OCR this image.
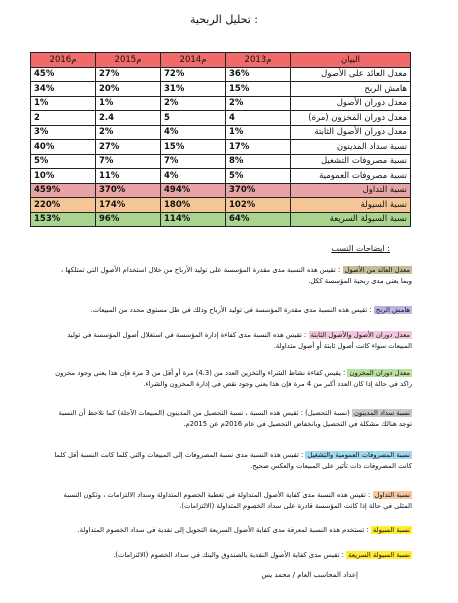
تحليل الربحية :
2016م	2015م	2014م	2013م	البيان
45%	27%	72%	36%	معدل العائد على الأصول
34%	20%	31%	15%	هامش الربح
1%	1%	2%	2%	معدل دوران الأصول
2	2.4	5	4	معدل دوران المخزون (مرة)
3%	2%	4%	1%	معدل دوران الأصول الثابتة
40%	27%	15%	17%	نسبة سداد المدينون
5%	7%	7%	8%	نسبة مصروفات التشغيل
10%	11%	4%	5%	نسبة مصروفات العمومية
459%	370%	494%	370%	نسبة التداول
220%	174%	180%	102%	نسبة السيولة
153%	96%	114%	64%	نسبة السيولة السريعة
ايضاحات النسب :
معدل العائد من الأصول : تقيس هذه النسبة مدى مقدرة المؤسسة على توليد الأرباح من خلال استخدام الأصول التي تمتلكها ، وبما يعني مدى ربحية المؤسسة ككل.
هامش الربح : تقيس هذه النسبة مدى مقدرة المؤسسة في توليد الأرباح وذلك في ظل مستوى محدد من المبيعات.
معدل دوران الأصول والأصول الثابتة : تقيس هذه النسبة مدى كفاءة إدارة المؤسسة في استغلال أصول المؤسسة في توليد المبيعات سواء كانت أصول ثابتة أو أصول متداولة.
معدل دوران المخزون : يقيس كفاءة نشاط الشراء والتخزين العدد من (4،3) مرة أو أقل من 3 مرة فإن هذا يعني وجود مخزون راكد في حالة إذا كان العدد أكبر من 4 مرة فإن هذا يعني وجود نقص في إدارة المخزون والشراء.
نسبة سداد المدينون (نسبة التحصيل) : تقيس هذه النسبة ، نسبة التحصيل من المدينون (المبيعات الآجلة) كما نلاحظ أن النسبة توجد هنالك مشكلة في التحصيل وبانخفاض التحصيل في عام 2016م عن 2015م.
نسبة المصروفات العمومية والتشغيل : تقيس هذه النسبة مدى نسبة المصروفات إلى المبيعات والتي كلما كانت النسبة أقل كلما كانت المصروفات ذات تأثير على المبيعات والعكس صحيح.
نسبة التداول : تقيس هذه النسبة مدى كفاية الأصول المتداولة في تغطية الخصوم المتداولة وسداد الالتزامات ، وتكون النسبة المثلى في حالة إذا كانت المؤسسة قادرة على سداد الخصوم المتداولة (الالتزامات).
نسبة السيولة : تستخدم هذه النسبة لمعرفة مدى كفاية الأصول السريعة التحويل إلى نقدية في سداد الخصوم المتداولة.
نسبة السيولة السريعة : تقيس مدى كفاية الأصول النقدية بالصندوق والبنك في سداد الخصوم (الالتزامات).
إعداد المحاسب العام / محمد يس
